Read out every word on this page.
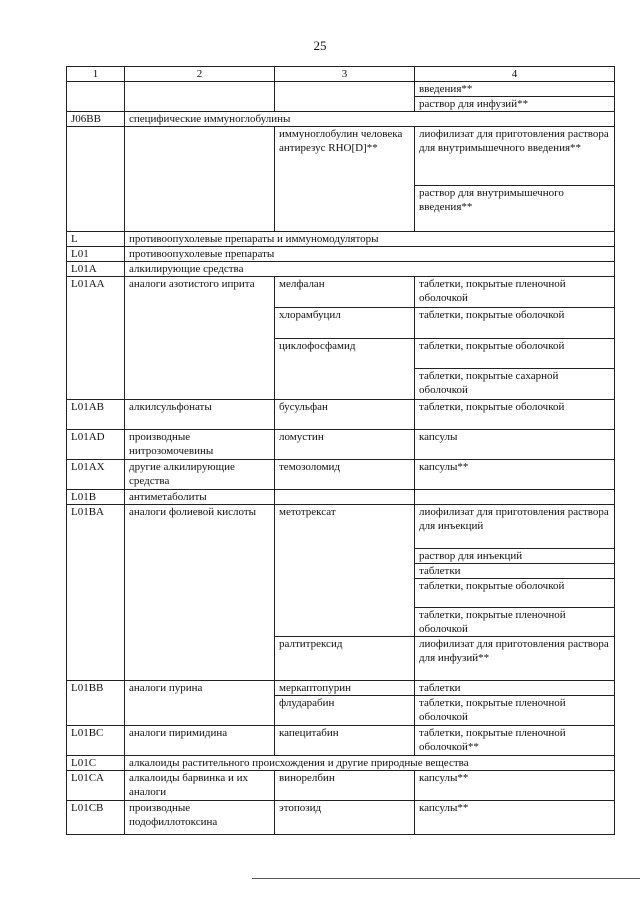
25
1	2	3	4
			введения**
			раствор для инфузий**
J06BB	специфические иммуноглобулины		
		иммуноглобулин человека антирезус RHO[D]**	лиофилизат для приготовления раствора для внутримышечного введения**
			раствор для внутримышечного введения**
L	противоопухолевые препараты и иммуномодуляторы		
L01	противоопухолевые препараты		
L01A	алкилирующие средства		
L01AA	аналоги азотистого иприта	мелфалан	таблетки, покрытые пленочной оболочкой
		хлорамбуцил	таблетки, покрытые оболочкой
		циклофосфамид	таблетки, покрытые оболочкой
			таблетки, покрытые сахарной оболочкой
L01AB	алкилсульфонаты	бусульфан	таблетки, покрытые оболочкой
L01AD	производные нитрозомочевины	ломустин	капсулы
L01AX	другие алкилирующие средства	темозоломид	капсулы**
L01B	антиметаболиты		
L01BA	аналоги фолиевой кислоты	метотрексат	лиофилизат для приготовления раствора для инъекций
			раствор для инъекций
			таблетки
			таблетки, покрытые оболочкой
			таблетки, покрытые пленочной оболочкой
		ралтитрексид	лиофилизат для приготовления раствора для инфузий**
L01BB	аналоги пурина	меркаптопурин	таблетки
		флударабин	таблетки, покрытые пленочной оболочкой
L01BC	аналоги пиримидина	капецитабин	таблетки, покрытые пленочной оболочкой**
L01C	алкалоиды растительного происхождения и другие природные вещества		
L01CA	алкалоиды барвинка и их аналоги	винорелбин	капсулы**
L01CB	производные подофиллотоксина	этопозид	капсулы**
